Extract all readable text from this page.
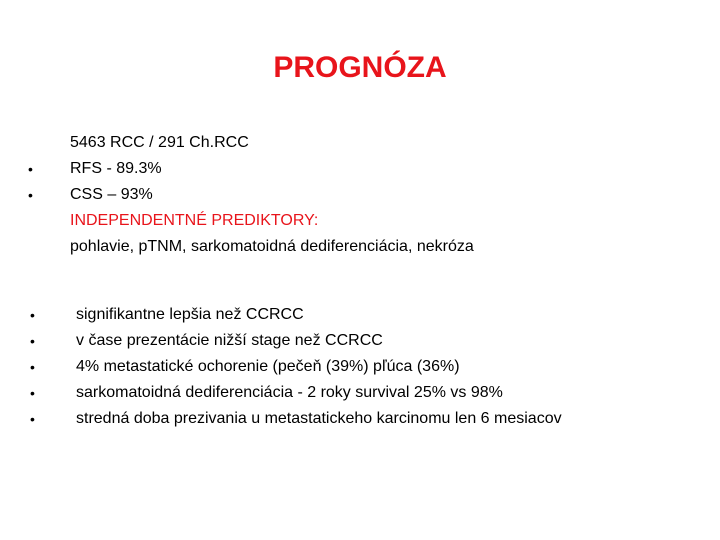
PROGNÓZA
5463 RCC / 291 Ch.RCC
• RFS - 89.3%
• CSS – 93%
INDEPENDENTNÉ PREDIKTORY:
pohlavie, pTNM, sarkomatoidná dediferenciácia, nekróza
•	signifikantne lepšia než CCRCC
•	v čase prezentácie nižší stage než CCRCC
•	4% metastatické ochorenie (pečeň (39%) pľúca (36%)
•	sarkomatoidná dediferenciácia - 2 roky survival 25% vs 98%
•	stredná doba prezivania u metastatickeho karcinomu len 6 mesiacov
